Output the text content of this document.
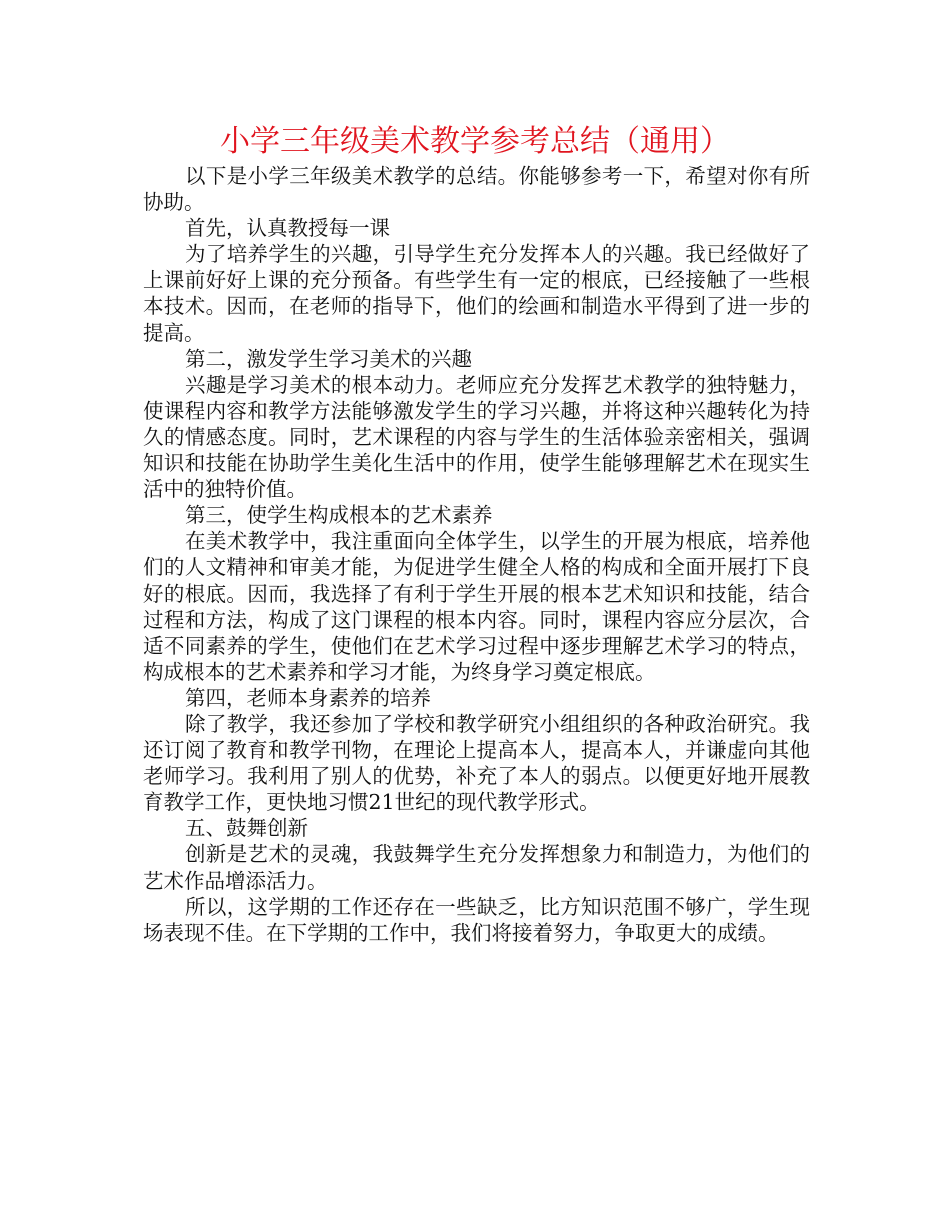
小学三年级美术教学参考总结（通用）

以下是小学三年级美术教学的总结。你能够参考一下，希望对你有所协助。

首先，认真教授每一课

为了培养学生的兴趣，引导学生充分发挥本人的兴趣。我已经做好了上课前好好上课的充分预备。有些学生有一定的根底，已经接触了一些根本技术。因而，在老师的指导下，他们的绘画和制造水平得到了进一步的提高。

第二，激发学生学习美术的兴趣

兴趣是学习美术的根本动力。老师应充分发挥艺术教学的独特魅力，使课程内容和教学方法能够激发学生的学习兴趣，并将这种兴趣转化为持久的情感态度。同时，艺术课程的内容与学生的生活体验亲密相关，强调知识和技能在协助学生美化生活中的作用，使学生能够理解艺术在现实生活中的独特价值。

第三，使学生构成根本的艺术素养

在美术教学中，我注重面向全体学生，以学生的开展为根底，培养他们的人文精神和审美才能，为促进学生健全人格的构成和全面开展打下良好的根底。因而，我选择了有利于学生开展的根本艺术知识和技能，结合过程和方法，构成了这门课程的根本内容。同时，课程内容应分层次，合适不同素养的学生，使他们在艺术学习过程中逐步理解艺术学习的特点，构成根本的艺术素养和学习才能，为终身学习奠定根底。

第四，老师本身素养的培养

除了教学，我还参加了学校和教学研究小组组织的各种政治研究。我还订阅了教育和教学刊物，在理论上提高本人，提高本人，并谦虚向其他老师学习。我利用了别人的优势，补充了本人的弱点。以便更好地开展教育教学工作，更快地习惯21世纪的现代教学形式。

五、鼓舞创新

创新是艺术的灵魂，我鼓舞学生充分发挥想象力和制造力，为他们的艺术作品增添活力。

所以，这学期的工作还存在一些缺乏，比方知识范围不够广，学生现场表现不佳。在下学期的工作中，我们将接着努力，争取更大的成绩。
